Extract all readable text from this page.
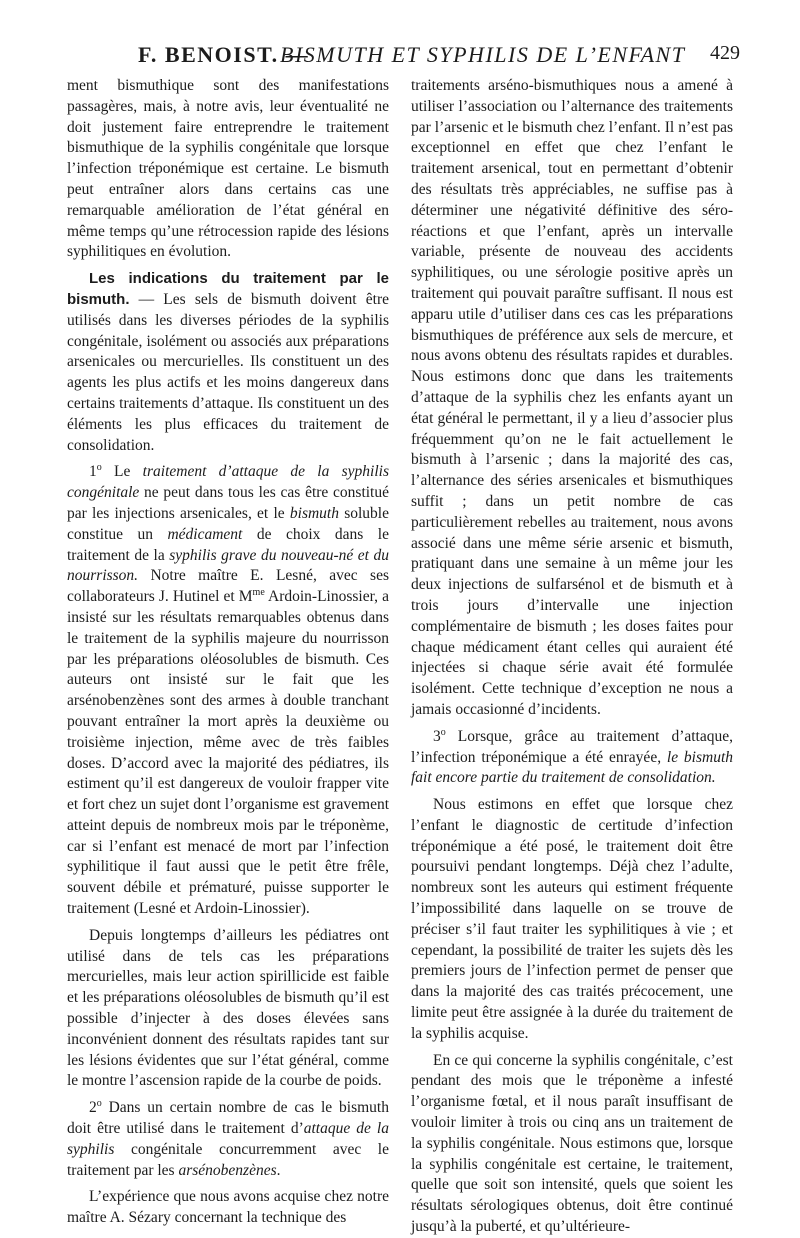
F. BENOIST. —
BISMUTH ET SYPHILIS DE L’ENFANT 429

ment bismuthique sont des manifestations passagères, mais, à notre avis, leur éventualité ne doit justement faire entreprendre le traitement bismuthique de la syphilis congénitale que lorsque l’infection tréponémique est certaine. Le bismuth peut entraîner alors dans certains cas une remarquable amélioration de l’état général en même temps qu’une rétrocession rapide des lésions syphilitiques en évolution.

Les indications du traitement par le bismuth. — Les sels de bismuth doivent être utilisés dans les diverses périodes de la syphilis congénitale, isolément ou associés aux préparations arsenicales ou mercurielles. Ils constituent un des agents les plus actifs et les moins dangereux dans certains traitements d’attaque. Ils constituent un des éléments les plus efficaces du traitement de consolidation.

1$^o$ Le traitement d’attaque de la syphilis congénitale ne peut dans tous les cas être constitué par les injections arsenicales, et le bismuth soluble constitue un médicament de choix dans le traitement de la syphilis grave du nouveau-né et du nourrisson. Notre maître E. Lesné, avec ses collaborateurs J. Hutinel et $M^{me}$ Ardoin-Linossier, a insisté sur les résultats remarquables obtenus dans le traitement de la syphilis majeure du nourrisson par les préparations oléosolubles de bismuth. Ces auteurs ont insisté sur le fait que les arsénobenzènes sont des armes à double tranchant pouvant entraîner la mort après la deuxième ou troisième injection, même avec de très faibles doses. D’accord avec la majorité des pédiatres, ils estiment qu’il est dangereux de vouloir frapper vite et fort chez un sujet dont l’organisme est gravement atteint depuis de nombreux mois par le tréponème, car si l’enfant est menacé de mort par l’infection syphilitique il faut aussi que le petit être frêle, souvent débile et prématuré, puisse supporter le traitement (Lesné et Ardoin-Linossier).

Depuis longtemps d’ailleurs les pédiatres ont utilisé dans de tels cas les préparations mercurielles, mais leur action spirillicide est faible et les préparations oléosolubles de bismuth qu’il est possible d’injecter à des doses élevées sans inconvénient donnent des résultats rapides tant sur les lésions évidentes que sur l’état général, comme le montre l’ascension rapide de la courbe de poids.

2$^o$ Dans un certain nombre de cas le bismuth doit être utilisé dans le traitement d’attaque de la syphilis congénitale concurremment avec le traitement par les arsénobenzènes.

L’expérience que nous avons acquise chez notre maître A. Sézary concernant la technique des

traitements arséno-bismuthiques nous a amené à utiliser l’association ou l’alternance des traitements par l’arsenic et le bismuth chez l’enfant. Il n’est pas exceptionnel en effet que chez l’enfant le traitement arsenical, tout en permettant d’obtenir des résultats très appréciables, ne suffise pas à déterminer une négativité définitive des séro-réactions et que l’enfant, après un intervalle variable, présente de nouveau des accidents syphilitiques, ou une sérologie positive après un traitement qui pouvait paraître suffisant. Il nous est apparu utile d’utiliser dans ces cas les préparations bismuthiques de préférence aux sels de mercure, et nous avons obtenu des résultats rapides et durables. Nous estimons donc que dans les traitements d’attaque de la syphilis chez les enfants ayant un état général le permettant, il y a lieu d’associer plus fréquemment qu’on ne le fait actuellement le bismuth à l’arsenic ; dans la majorité des cas, l’alternance des séries arsenicales et bismuthiques suffit ; dans un petit nombre de cas particulièrement rebelles au traitement, nous avons associé dans une même série arsenic et bismuth, pratiquant dans une semaine à un même jour les deux injections de sulfarsénol et de bismuth et à trois jours d’intervalle une injection complémentaire de bismuth ; les doses faites pour chaque médicament étant celles qui auraient été injectées si chaque série avait été formulée isolément. Cette technique d’exception ne nous a jamais occasionné d’incidents.

3$^o$ Lorsque, grâce au traitement d’attaque, l’infection tréponémique a été enrayée, le bismuth fait encore partie du traitement de consolidation.

Nous estimons en effet que lorsque chez l’enfant le diagnostic de certitude d’infection tréponémique a été posé, le traitement doit être poursuivi pendant longtemps. Déjà chez l’adulte, nombreux sont les auteurs qui estiment fréquente l’impossibilité dans laquelle on se trouve de préciser s’il faut traiter les syphilitiques à vie ; et cependant, la possibilité de traiter les sujets dès les premiers jours de l’infection permet de penser que dans la majorité des cas traités précocement, une limite peut être assignée à la durée du traitement de la syphilis acquise.

En ce qui concerne la syphilis congénitale, c’est pendant des mois que le tréponème a infesté l’organisme fœtal, et il nous paraît insuffisant de vouloir limiter à trois ou cinq ans un traitement de la syphilis congénitale. Nous estimons que, lorsque la syphilis congénitale est certaine, le traitement, quelle que soit son intensité, quels que soient les résultats sérologiques obtenus, doit être continué jusqu’à la puberté, et qu’ultérieure-
